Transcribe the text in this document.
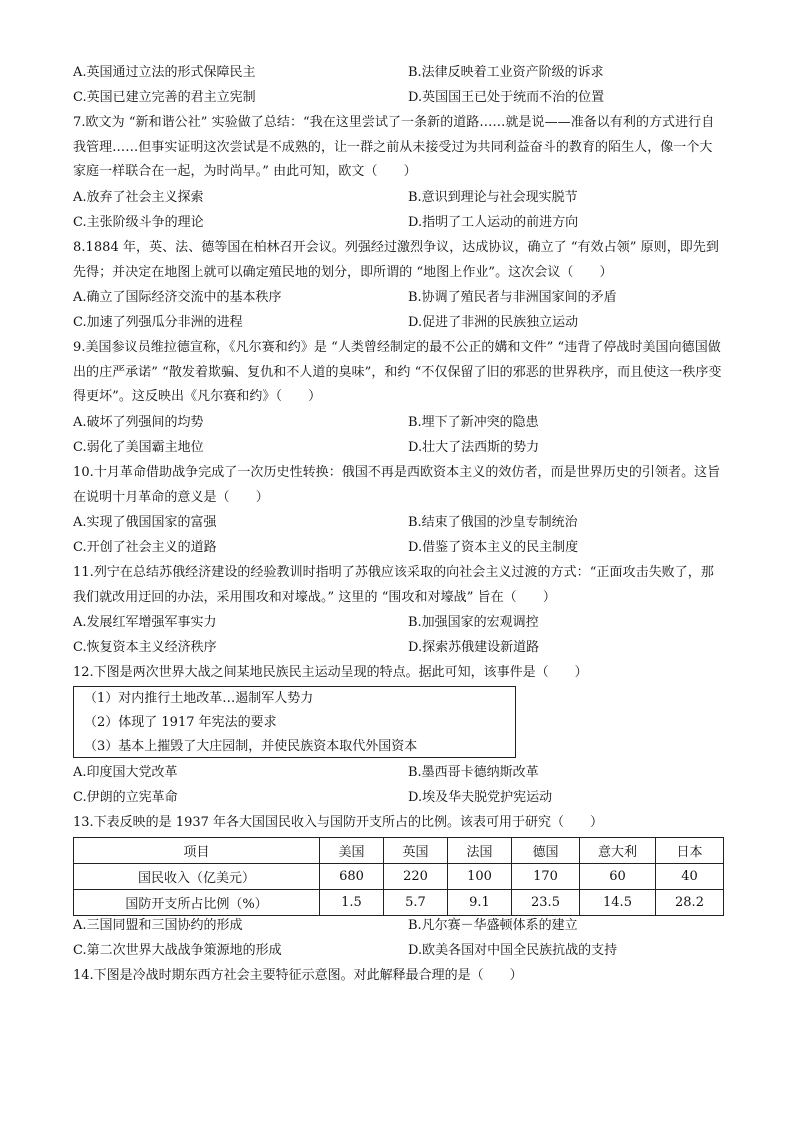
A.英国通过立法的形式保障民主	B.法律反映着工业资产阶级的诉求
C.英国已建立完善的君主立宪制	D.英国国王已处于统而不治的位置
7.欧文为 “新和谐公社” 实验做了总结：“我在这里尝试了一条新的道路……就是说——准备以有利的方式进行自我管理……但事实证明这次尝试是不成熟的，让一群之前从未接受过为共同利益奋斗的教育的陌生人，像一个大家庭一样联合在一起，为时尚早。” 由此可知，欧文（　　）
A.放弃了社会主义探索	B.意识到理论与社会现实脱节
C.主张阶级斗争的理论	D.指明了工人运动的前进方向
8.1884 年，英、法、德等国在柏林召开会议。列强经过激烈争议，达成协议，确立了 “有效占领” 原则，即先到先得；并决定在地图上就可以确定殖民地的划分，即所谓的 “地图上作业”。这次会议（　　）
A.确立了国际经济交流中的基本秩序	B.协调了殖民者与非洲国家间的矛盾
C.加速了列强瓜分非洲的进程	D.促进了非洲的民族独立运动
9.美国参议员维拉德宣称，《凡尔赛和约》是 “人类曾经制定的最不公正的媾和文件” “违背了停战时美国向德国做出的庄严承诺” “散发着欺骗、复仇和不人道的臭味”，和约 “不仅保留了旧的邪恶的世界秩序，而且使这一秩序变得更坏”。这反映出《凡尔赛和约》（　　）
A.破坏了列强间的均势	B.埋下了新冲突的隐患
C.弱化了美国霸主地位	D.壮大了法西斯的势力
10.十月革命借助战争完成了一次历史性转换：俄国不再是西欧资本主义的效仿者，而是世界历史的引领者。这旨在说明十月革命的意义是（　　）
A.实现了俄国国家的富强	B.结束了俄国的沙皇专制统治
C.开创了社会主义的道路	D.借鉴了资本主义的民主制度
11.列宁在总结苏俄经济建设的经验教训时指明了苏俄应该采取的向社会主义过渡的方式：“正面攻击失败了，那我们就改用迂回的办法，采用围攻和对壕战。” 这里的 “围攻和对壕战” 旨在（　　）
A.发展红军增强军事实力	B.加强国家的宏观调控
C.恢复资本主义经济秩序	D.探索苏俄建设新道路
12.下图是两次世界大战之间某地民族民主运动呈现的特点。据此可知，该事件是（　　）
（1）对内推行土地改革…遏制军人势力
（2）体现了 1917 年宪法的要求
（3）基本上摧毁了大庄园制，并使民族资本取代外国资本
A.印度国大党改革	B.墨西哥卡德纳斯改革
C.伊朗的立宪革命	D.埃及华夫脱党护宪运动
13.下表反映的是 1937 年各大国国民收入与国防开支所占的比例。该表可用于研究（　　）
项目	美国	英国	法国	德国	意大利	日本
国民收入（亿美元）	680	220	100	170	60	40
国防开支所占比例（%）	1.5	5.7	9.1	23.5	14.5	28.2
A.三国同盟和三国协约的形成	B.凡尔赛－华盛顿体系的建立
C.第二次世界大战战争策源地的形成	D.欧美各国对中国全民族抗战的支持
14.下图是冷战时期东西方社会主要特征示意图。对此解释最合理的是（　　）
